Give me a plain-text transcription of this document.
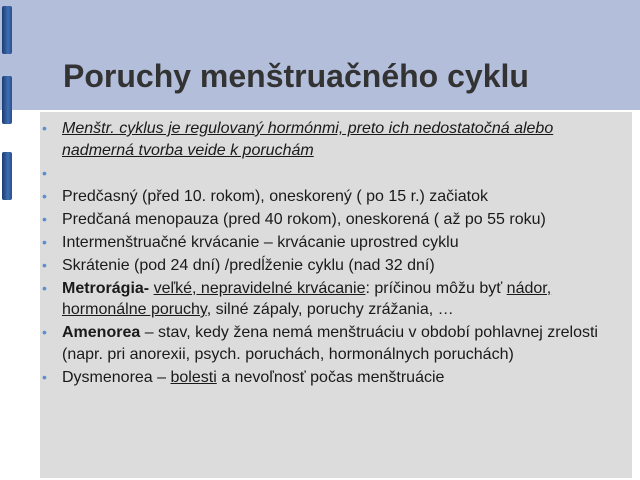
Poruchy menštruačného cyklu
• Menštr. cyklus je regulovaný hormónmi, preto ich nedostatočná alebo nadmerná tvorba veide k poruchám
•
• Predčasný (před 10. rokom), oneskorený ( po 15 r.) začiatok
• Predčaná menopauza (pred 40 rokom), oneskorená ( až po 55 roku)
• Intermenštruačné krvácanie – krvácanie uprostred cyklu
• Skrátenie (pod 24 dní) /predĺženie cyklu (nad 32 dní)
• Metrorágia- veľké, nepravidelné krvácanie: príčinou môžu byť nádor, hormonálne poruchy, silné zápaly, poruchy zrážania, …
• Amenorea – stav, kedy žena nemá menštruáciu v období pohlavnej zrelosti (napr. pri anorexii, psych. poruchách, hormonálnych poruchách)
• Dysmenorea – bolesti a nevoľnosť počas menštruácie
